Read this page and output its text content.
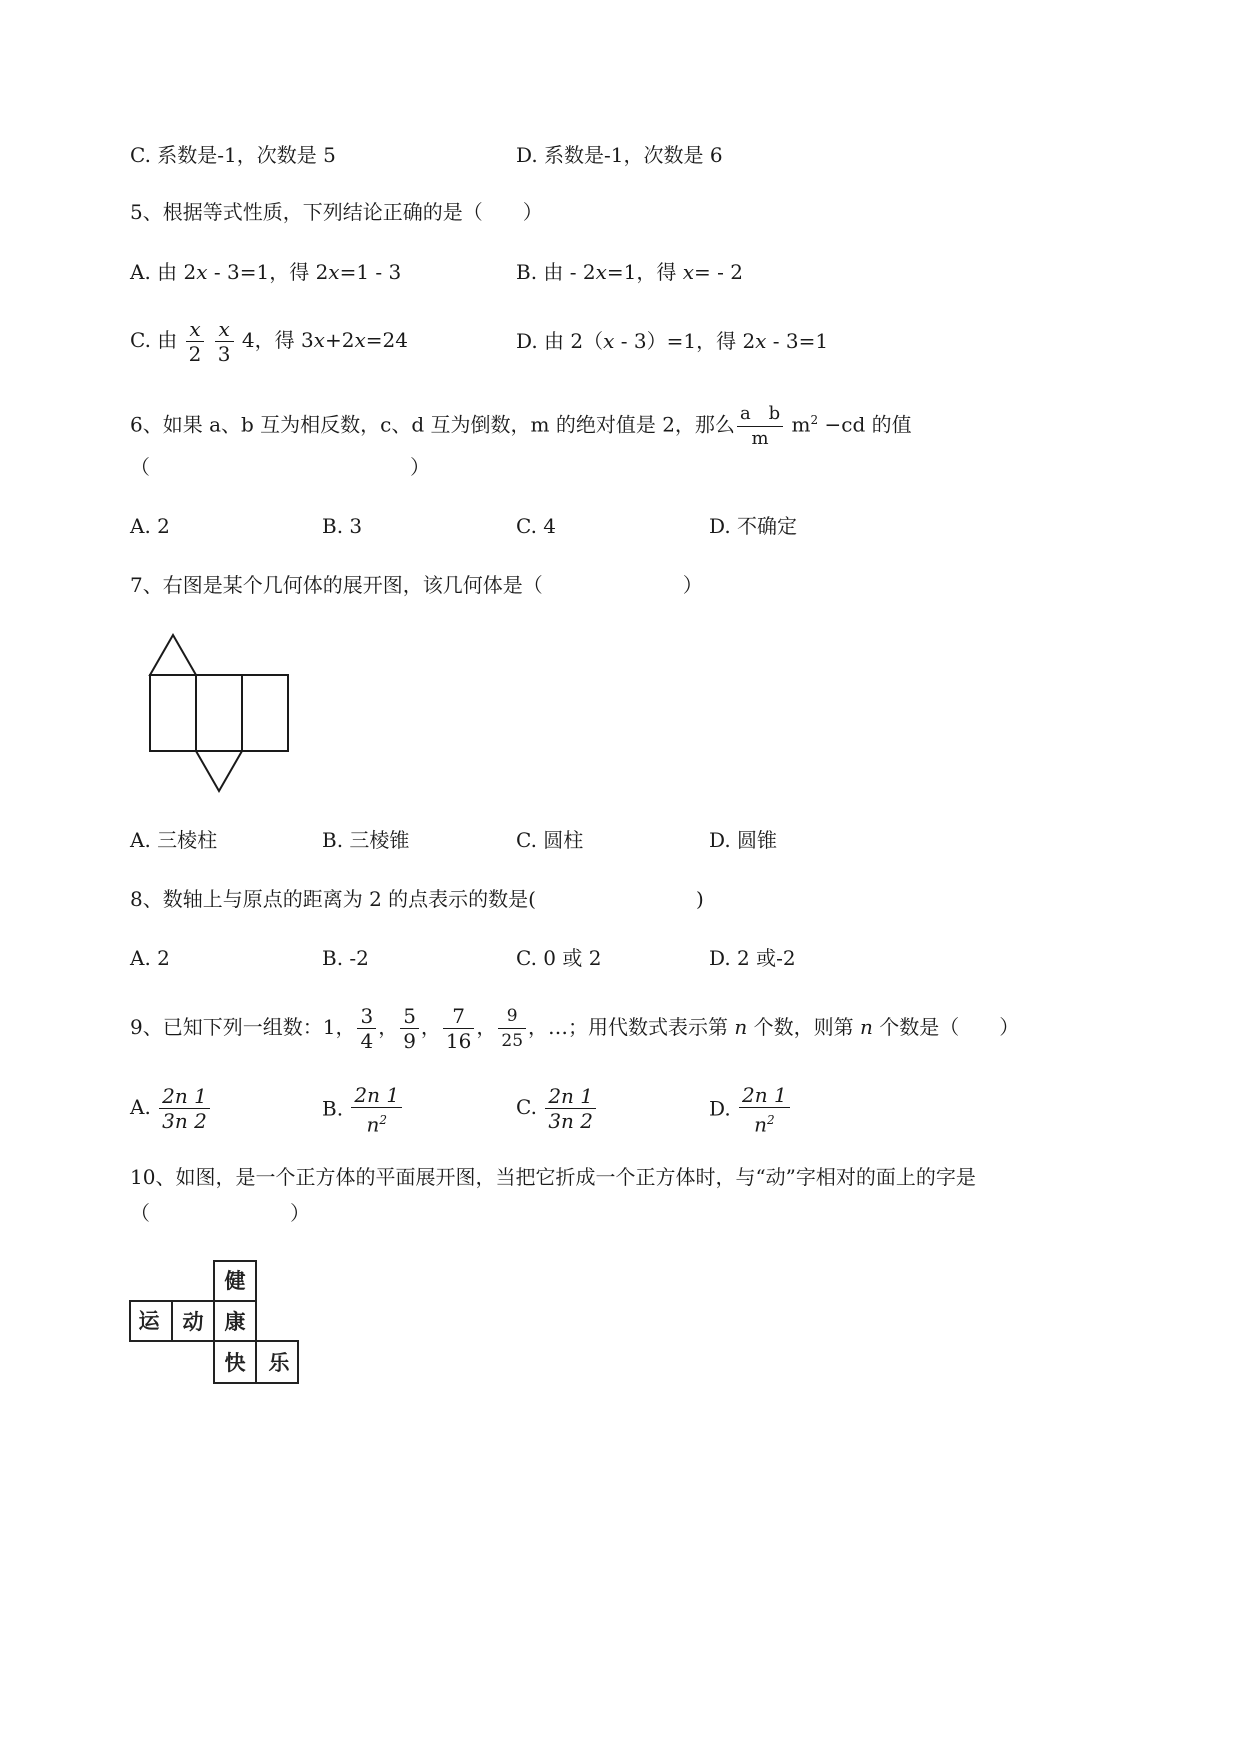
C. 系数是-1，次数是 5	D. 系数是-1，次数是 6
5、根据等式性质，下列结论正确的是（　　）
A. 由 2x - 3=1，得 2x=1 - 3	B. 由 - 2x=1，得 x= - 2
C. 由 $\frac{x}{2}$
$\frac{x}{3} 4$，得 3x+2x=24	D. 由 2（x - 3）=1，得 2x - 3=1
6、如果 a、b 互为相反数，c、d 互为倒数，m 的绝对值是 2，那么 $\frac{\text{a　b}}{m} m^2 -cd$ 的值
（　　　　　　　　　　　　　）
A. 2	B. 3	C. 4	D. 不确定
7、右图是某个几何体的展开图，该几何体是（　　　　　　　）
A. 三棱柱	B. 三棱锥	C. 圆柱	D. 圆锥
8、数轴上与原点的距离为 2 的点表示的数是(　　　　　　　　)
A. 2	B. -2	C. 0 或 2	D. 2 或-2
9、已知下列一组数：1， $\frac{3}{4}$ ， $\frac{5}{9}$ ， $\frac{7}{16}$ ， $\frac{9}{25}$ ，…；用代数式表示第 n 个数，则第 n 个数是（　　）
A. $\frac{2n 1}{3n 2}$	B. $\frac{2n 1}{n^2}$	C. $\frac{2n 1}{3n 2}$	D. $\frac{2n 1}{n^2}$
10、如图，是一个正方体的平面展开图，当把它折成一个正方体时，与“动”字相对的面上的字是
（　　　　　　　）
健
运 动 康
快 乐
